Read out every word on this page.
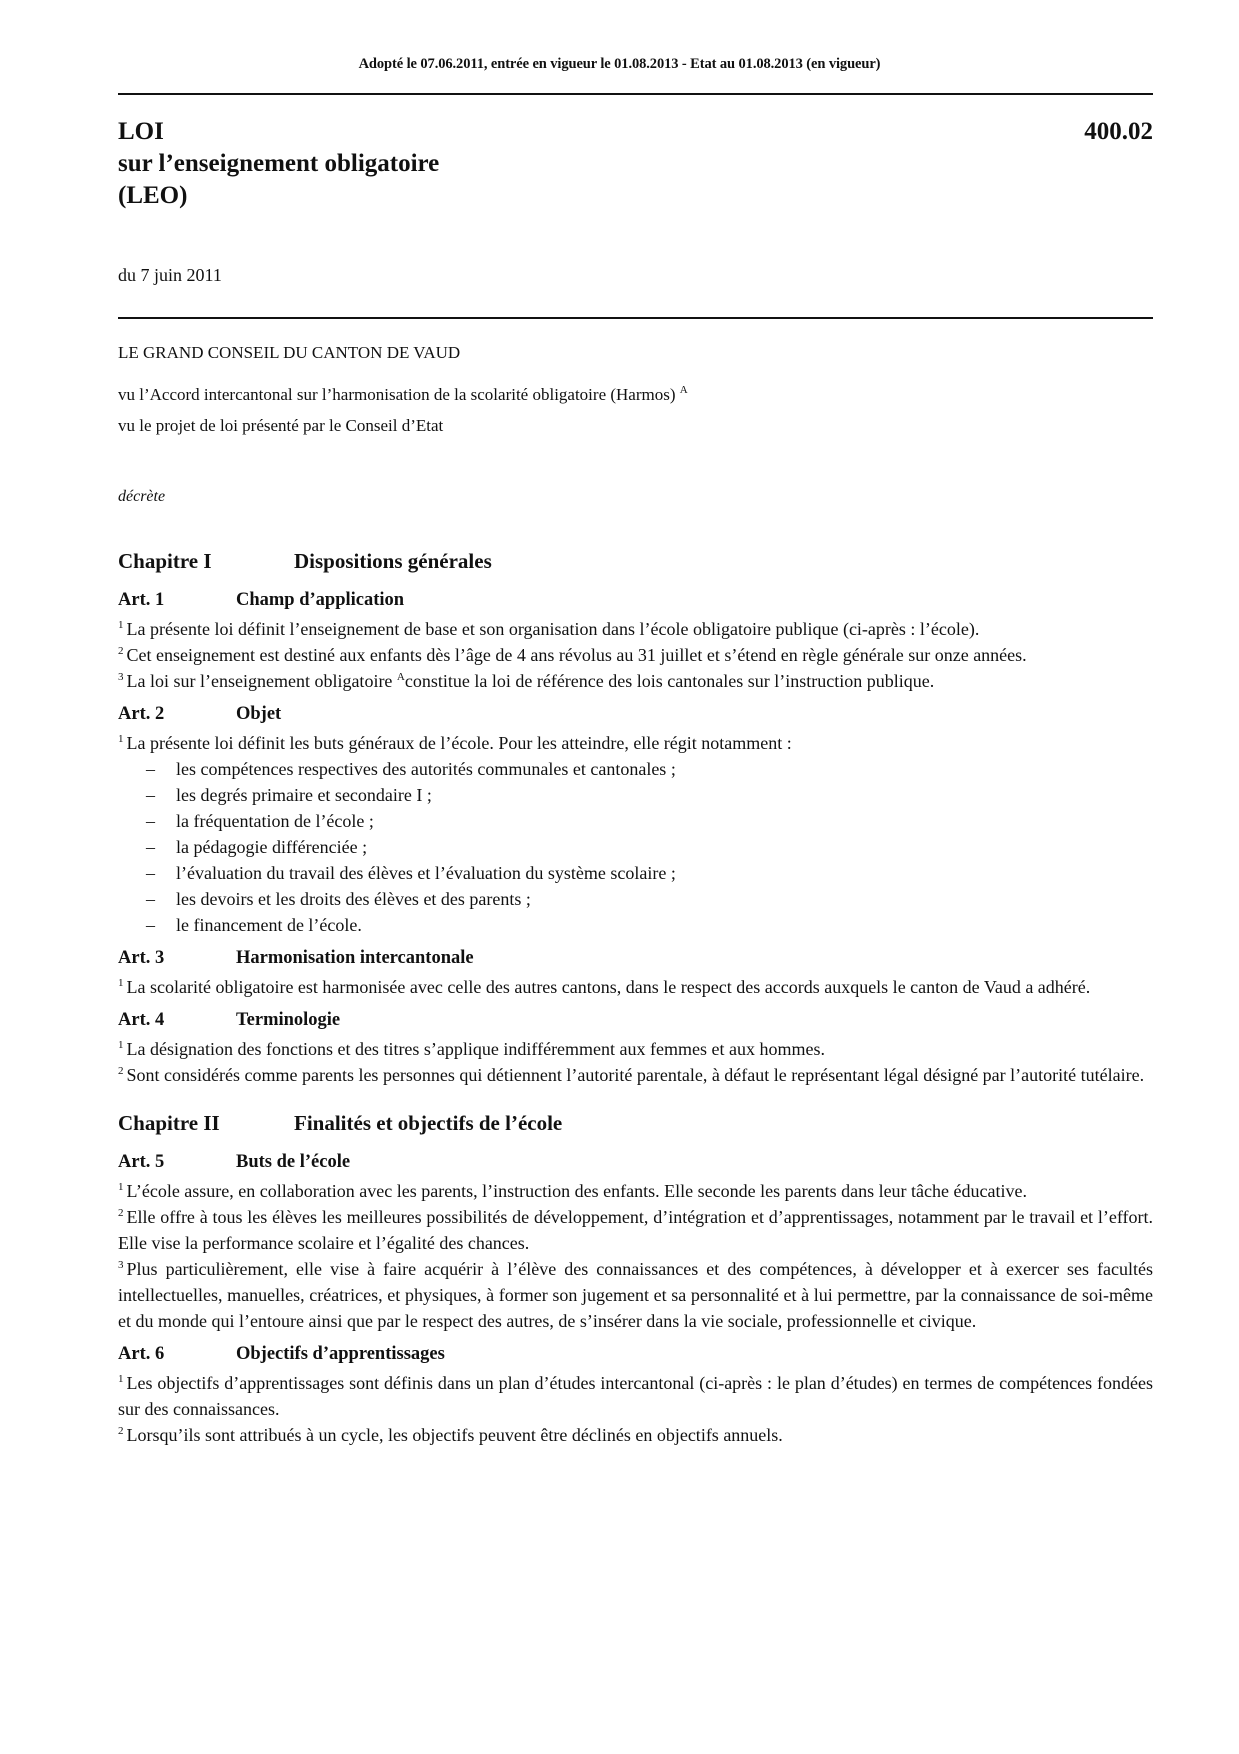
Adopté le 07.06.2011, entrée en vigueur le 01.08.2013 - Etat au 01.08.2013 (en vigueur)
LOI
sur l’enseignement obligatoire
(LEO)
400.02
du 7 juin 2011
LE GRAND CONSEIL DU CANTON DE VAUD
vu l’Accord intercantonal sur l’harmonisation de la scolarité obligatoire (Harmos) $^A$
vu le projet de loi présenté par le Conseil d’Etat
décrète
Chapitre I	Dispositions générales
Art. 1	Champ d’application

$^1$ La présente loi définit l’enseignement de base et son organisation dans l’école obligatoire publique (ci-après : l’école).

$^2$ Cet enseignement est destiné aux enfants dès l’âge de 4 ans révolus au 31 juillet et s’étend en règle générale sur onze années.

$^3$ La loi sur l’enseignement obligatoire $^A$constitue la loi de référence des lois cantonales sur l’instruction publique.

Art. 2	Objet

$^1$ La présente loi définit les buts généraux de l’école. Pour les atteindre, elle régit notamment :

– les compétences respectives des autorités communales et cantonales ;
– les degrés primaire et secondaire I ;
– la fréquentation de l’école ;
– la pédagogie différenciée ;
– l’évaluation du travail des élèves et l’évaluation du système scolaire ;
– les devoirs et les droits des élèves et des parents ;
– le financement de l’école.
Art. 3	Harmonisation intercantonale

$^1$ La scolarité obligatoire est harmonisée avec celle des autres cantons, dans le respect des accords auxquels le canton de Vaud a adhéré.

Art. 4	Terminologie

$^1$ La désignation des fonctions et des titres s’applique indifféremment aux femmes et aux hommes.

$^2$ Sont considérés comme parents les personnes qui détiennent l’autorité parentale, à défaut le représentant légal désigné par l’autorité tutélaire.

Chapitre II	Finalités et objectifs de l’école
Art. 5	Buts de l’école

$^1$ L’école assure, en collaboration avec les parents, l’instruction des enfants. Elle seconde les parents dans leur tâche éducative.

$^2$ Elle offre à tous les élèves les meilleures possibilités de développement, d’intégration et d’apprentissages, notamment par le travail et l’effort. Elle vise la performance scolaire et l’égalité des chances.

$^3$ Plus particulièrement, elle vise à faire acquérir à l’élève des connaissances et des compétences, à développer et à exercer ses facultés intellectuelles, manuelles, créatrices, et physiques, à former son jugement et sa personnalité et à lui permettre, par la connaissance de soi-même et du monde qui l’entoure ainsi que par le respect des autres, de s’insérer dans la vie sociale, professionnelle et civique.

Art. 6	Objectifs d’apprentissages

$^1$ Les objectifs d’apprentissages sont définis dans un plan d’études intercantonal (ci-après : le plan d’études) en termes de compétences fondées sur des connaissances.

$^2$ Lorsqu’ils sont attribués à un cycle, les objectifs peuvent être déclinés en objectifs annuels.
